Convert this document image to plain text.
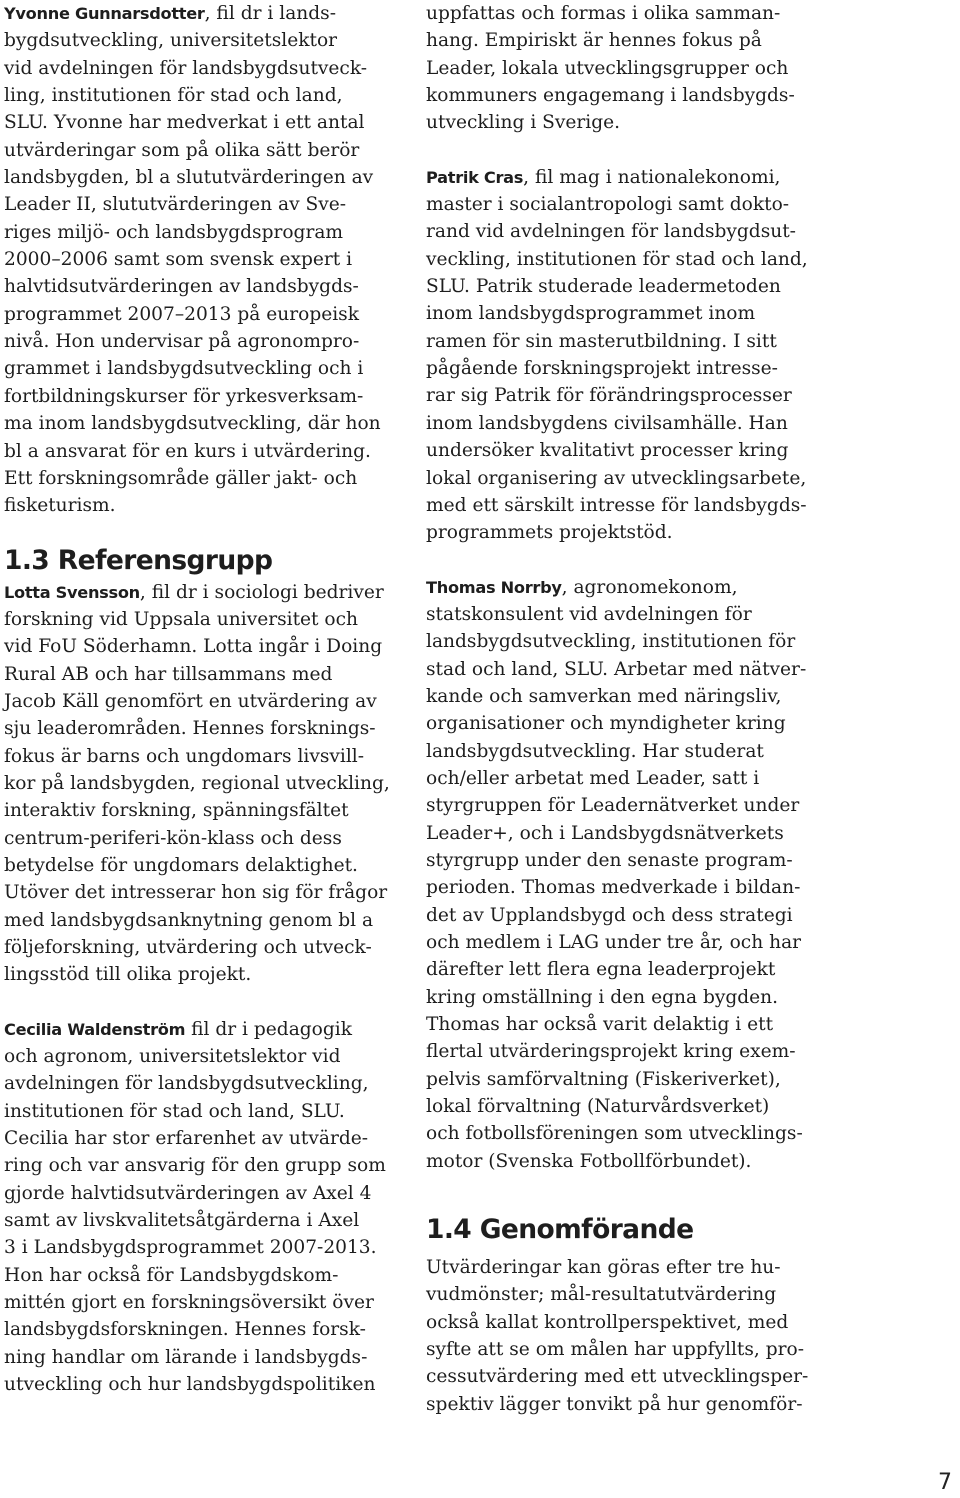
Yvonne Gunnarsdotter, fil dr i lands-
bygdsutveckling, universitetslektor
vid avdelningen för landsbygdsutveck-
ling, institutionen för stad och land,
SLU. Yvonne har medverkat i ett antal
utvärderingar som på olika sätt berör
landsbygden, bl a slututvärderingen av
Leader II, slututvärderingen av Sve-
riges miljö- och landsbygdsprogram
2000–2006 samt som svensk expert i
halvtidsutvärderingen av landsbygds-
programmet 2007–2013 på europeisk
nivå. Hon undervisar på agronompro-
grammet i landsbygdsutveckling och i
fortbildningskurser för yrkesverksam-
ma inom landsbygdsutveckling, där hon
bl a ansvarat för en kurs i utvärdering.
Ett forskningsområde gäller jakt- och
fisketurism.

1.3 Referensgrupp

Lotta Svensson, fil dr i sociologi bedriver
forskning vid Uppsala universitet och
vid FoU Söderhamn. Lotta ingår i Doing
Rural AB och har tillsammans med
Jacob Käll genomfört en utvärdering av
sju leaderområden. Hennes forsknings-
fokus är barns och ungdomars livsvill-
kor på landsbygden, regional utveckling,
interaktiv forskning, spänningsfältet
centrum-periferi-kön-klass och dess
betydelse för ungdomars delaktighet.
Utöver det intresserar hon sig för frågor
med landsbygdsanknytning genom bl a
följeforskning, utvärdering och utveck-
lingsstöd till olika projekt.

Cecilia Waldenström fil dr i pedagogik
och agronom, universitetslektor vid
avdelningen för landsbygdsutveckling,
institutionen för stad och land, SLU.
Cecilia har stor erfarenhet av utvärde-
ring och var ansvarig för den grupp som
gjorde halvtidsutvärderingen av Axel 4
samt av livskvalitetsåtgärderna i Axel
3 i Landsbygdsprogrammet 2007-2013.
Hon har också för Landsbygdskom-
mittén gjort en forskningsöversikt över
landsbygdsforskningen. Hennes forsk-
ning handlar om lärande i landsbygds-
utveckling och hur landsbygdspolitiken

uppfattas och formas i olika samman-
hang. Empiriskt är hennes fokus på
Leader, lokala utvecklingsgrupper och
kommuners engagemang i landsbygds-
utveckling i Sverige.

Patrik Cras, fil mag i nationalekonomi,
master i socialantropologi samt dokto-
rand vid avdelningen för landsbygdsut-
veckling, institutionen för stad och land,
SLU. Patrik studerade leadermetoden
inom landsbygdsprogrammet inom
ramen för sin masterutbildning. I sitt
pågående forskningsprojekt intresse-
rar sig Patrik för förändringsprocesser
inom landsbygdens civilsamhälle. Han
undersöker kvalitativt processer kring
lokal organisering av utvecklingsarbete,
med ett särskilt intresse för landsbygds-
programmets projektstöd.

Thomas Norrby, agronomekonom,
statskonsulent vid avdelningen för
landsbygdsutveckling, institutionen för
stad och land, SLU. Arbetar med nätver-
kande och samverkan med näringsliv,
organisationer och myndigheter kring
landsbygdsutveckling. Har studerat
och/eller arbetat med Leader, satt i
styrgruppen för Leadernätverket under
Leader+, och i Landsbygdsnätverkets
styrgrupp under den senaste program-
perioden. Thomas medverkade i bildan-
det av Upplandsbygd och dess strategi
och medlem i LAG under tre år, och har
därefter lett flera egna leaderprojekt
kring omställning i den egna bygden.
Thomas har också varit delaktig i ett
flertal utvärderingsprojekt kring exem-
pelvis samförvaltning (Fiskeriverket),
lokal förvaltning (Naturvårdsverket)
och fotbollsföreningen som utvecklings-
motor (Svenska Fotbollförbundet).

1.4 Genomförande

Utvärderingar kan göras efter tre hu-
vudmönster; mål-resultatutvärdering
också kallat kontrollperspektivet, med
syfte att se om målen har uppfyllts, pro-
cessutvärdering med ett utvecklingsper-
spektiv lägger tonvikt på hur genomför-

7
